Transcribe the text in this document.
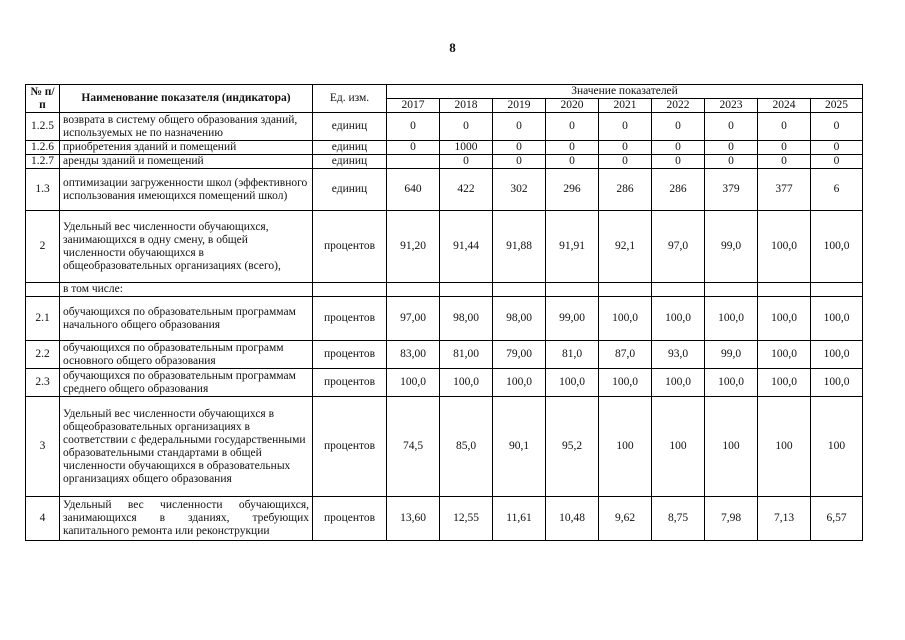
8
№ п/п	Наименование показателя (индикатора)	Ед. изм.	Значение показателей								
			2017	2018	2019	2020	2021	2022	2023	2024	2025
1.2.5	возврата в систему общего образования зданий, используемых не по назначению	единиц	0	0	0	0	0	0	0	0	0
1.2.6	приобретения зданий и помещений	единиц	0	1000	0	0	0	0	0	0	0
1.2.7	аренды зданий и помещений	единиц		0	0	0	0	0	0	0	0
1.3	оптимизации загруженности школ (эффективного использования имеющихся помещений школ)	единиц	640	422	302	296	286	286	379	377	6
2	Удельный вес численности обучающихся, занимающихся в одну смену, в общей численности обучающихся в общеобразовательных организациях (всего),	процентов	91,20	91,44	91,88	91,91	92,1	97,0	99,0	100,0	100,0
	в том числе:										
2.1	обучающихся по образовательным программам начального общего образования	процентов	97,00	98,00	98,00	99,00	100,0	100,0	100,0	100,0	100,0
2.2	обучающихся по образовательным программ основного общего образования	процентов	83,00	81,00	79,00	81,0	87,0	93,0	99,0	100,0	100,0
2.3	обучающихся по образовательным программам среднего общего образования	процентов	100,0	100,0	100,0	100,0	100,0	100,0	100,0	100,0	100,0
3	Удельный вес численности обучающихся в общеобразовательных организациях в соответствии с федеральными государственными образовательными стандартами в общей численности обучающихся в образовательных организациях общего образования	процентов	74,5	85,0	90,1	95,2	100	100	100	100	100
4	Удельный вес численности обучающихся, занимающихся в зданиях, требующих капитального ремонта или реконструкции	процентов	13,60	12,55	11,61	10,48	9,62	8,75	7,98	7,13	6,57
